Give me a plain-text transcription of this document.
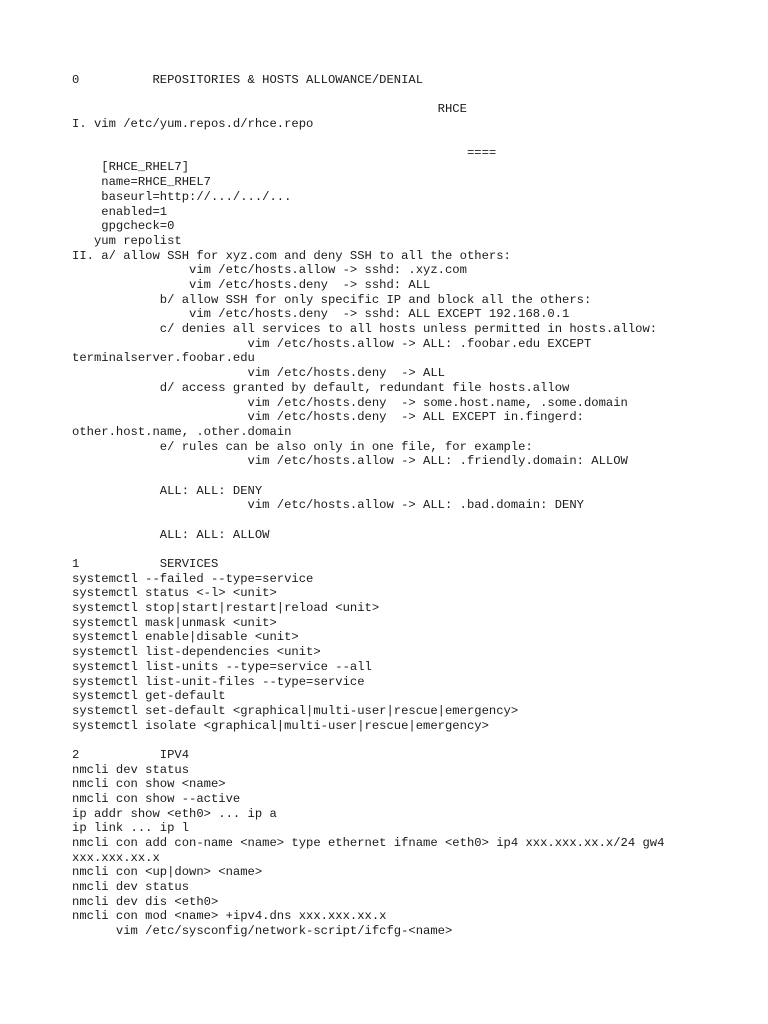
0          REPOSITORIES & HOSTS ALLOWANCE/DENIAL
RHCE
I. vim /etc/yum.repos.d/rhce.repo
====
[RHCE_RHEL7]
name=RHCE_RHEL7
baseurl=http://.../.../...
enabled=1
gpgcheck=0
yum repolist
II. a/ allow SSH for xyz.com and deny SSH to all the others:
vim /etc/hosts.allow -> sshd: .xyz.com
vim /etc/hosts.deny  -> sshd: ALL
b/ allow SSH for only specific IP and block all the others:
vim /etc/hosts.deny  -> sshd: ALL EXCEPT 192.168.0.1
c/ denies all services to all hosts unless permitted in hosts.allow:
vim /etc/hosts.allow -> ALL: .foobar.edu EXCEPT
terminalserver.foobar.edu
vim /etc/hosts.deny  -> ALL
d/ access granted by default, redundant file hosts.allow
vim /etc/hosts.deny  -> some.host.name, .some.domain
vim /etc/hosts.deny  -> ALL EXCEPT in.fingerd:
other.host.name, .other.domain
e/ rules can be also only in one file, for example:
vim /etc/hosts.allow -> ALL: .friendly.domain: ALLOW
ALL: ALL: DENY
vim /etc/hosts.allow -> ALL: .bad.domain: DENY
ALL: ALL: ALLOW
1           SERVICES
systemctl --failed --type=service
systemctl status <-l> <unit>
systemctl stop|start|restart|reload <unit>
systemctl mask|unmask <unit>
systemctl enable|disable <unit>
systemctl list-dependencies <unit>
systemctl list-units --type=service --all
systemctl list-unit-files --type=service
systemctl get-default
systemctl set-default <graphical|multi-user|rescue|emergency>
systemctl isolate <graphical|multi-user|rescue|emergency>
2           IPV4
nmcli dev status
nmcli con show <name>
nmcli con show --active
ip addr show <eth0> ... ip a
ip link ... ip l
nmcli con add con-name <name> type ethernet ifname <eth0> ip4 xxx.xxx.xx.x/24 gw4
xxx.xxx.xx.x
nmcli con <up|down> <name>
nmcli dev status
nmcli dev dis <eth0>
nmcli con mod <name> +ipv4.dns xxx.xxx.xx.x
vim /etc/sysconfig/network-script/ifcfg-<name>
